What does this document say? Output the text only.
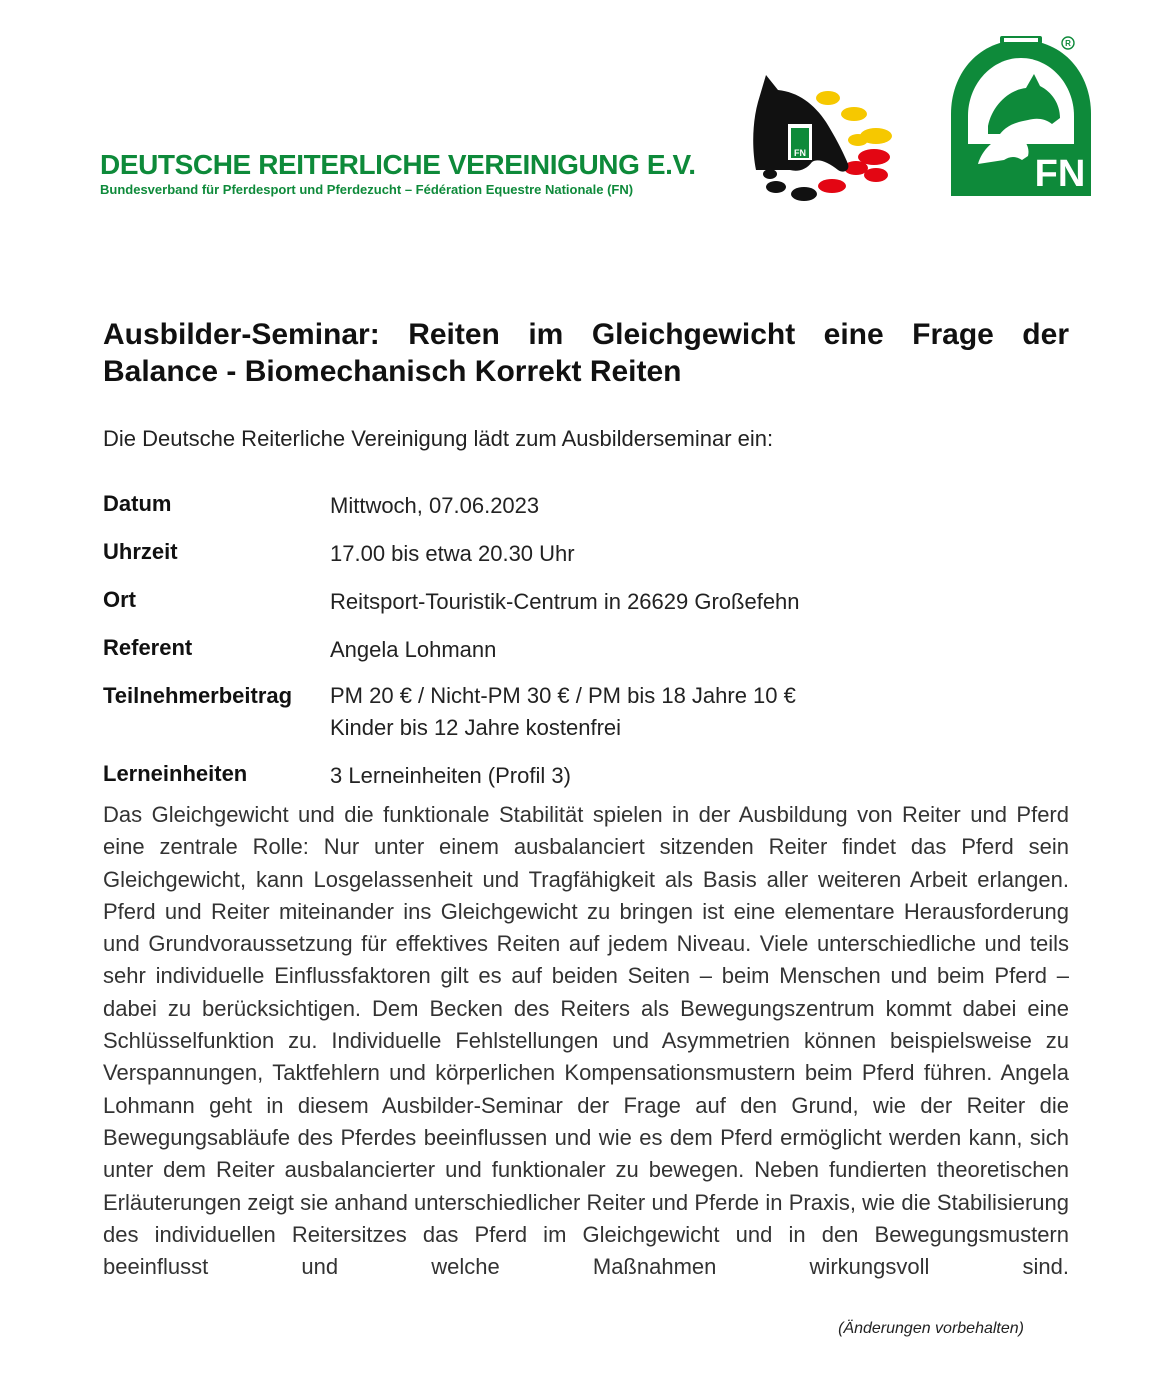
DEUTSCHE REITERLICHE VEREINIGUNG E.V.
Bundesverband für Pferdesport und Pferdezucht – Fédération Equestre Nationale (FN)
FN	FN
R
Ausbilder-Seminar: Reiten im Gleichgewicht eine Frage der Balance - Biomechanisch Korrekt Reiten
Die Deutsche Reiterliche Vereinigung lädt zum Ausbilderseminar ein:
Datum	Mittwoch, 07.06.2023
Uhrzeit	17.00 bis etwa 20.30 Uhr
Ort	Reitsport-Touristik-Centrum in 26629 Großefehn
Referent	Angela Lohmann
Teilnehmerbeitrag	PM 20 € / Nicht-PM 30 € / PM bis 18 Jahre 10 €
Kinder bis 12 Jahre kostenfrei
Lerneinheiten	3 Lerneinheiten (Profil 3)
Das Gleichgewicht und die funktionale Stabilität spielen in der Ausbildung von Reiter und Pferd eine zentrale Rolle: Nur unter einem ausbalanciert sitzenden Reiter findet das Pferd sein Gleichgewicht, kann Losgelassenheit und Tragfähigkeit als Basis aller weiteren Arbeit erlangen. Pferd und Reiter miteinander ins Gleichgewicht zu bringen ist eine elementare Herausforderung und Grundvoraussetzung für effektives Reiten auf jedem Niveau. Viele unterschiedliche und teils sehr individuelle Einflussfaktoren gilt es auf beiden Seiten – beim Menschen und beim Pferd – dabei zu berücksichtigen. Dem Becken des Reiters als Bewegungszentrum kommt dabei eine Schlüsselfunktion zu. Individuelle Fehlstellungen und Asymmetrien können beispielsweise zu Verspannungen, Taktfehlern und körperlichen Kompensationsmustern beim Pferd führen. Angela Lohmann geht in diesem Ausbilder-Seminar der Frage auf den Grund, wie der Reiter die Bewegungsabläufe des Pferdes beeinflussen und wie es dem Pferd ermöglicht werden kann, sich unter dem Reiter ausbalancierter und funktionaler zu bewegen. Neben fundierten theoretischen Erläuterungen zeigt sie anhand unterschiedlicher Reiter und Pferde in Praxis, wie die Stabilisierung des individuellen Reitersitzes das Pferd im Gleichgewicht und in den Bewegungsmustern beeinflusst und welche Maßnahmen wirkungsvoll sind.
(Änderungen vorbehalten)
